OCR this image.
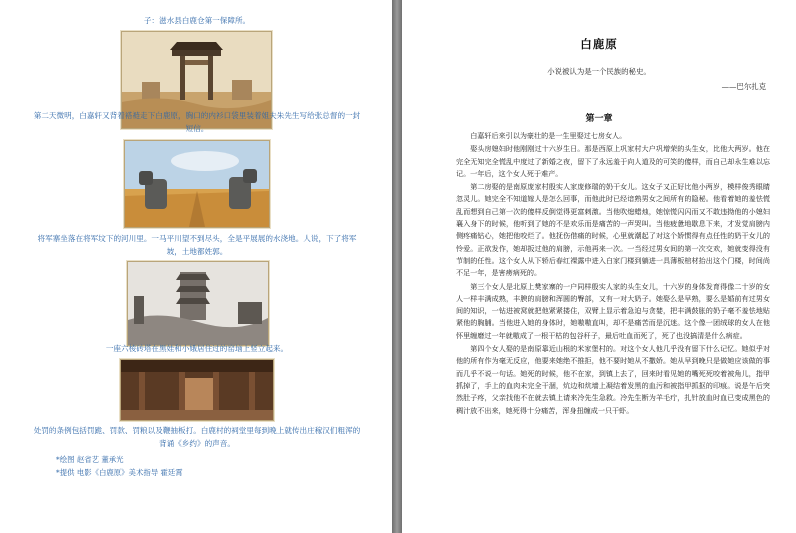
子：滋水县白鹿仓第一保障所。

第二天微明，白嘉轩又背着褡裢走下白鹿原，胸口的内衫口袋里装着姐夫朱先生写给张总督的一封短信。

将军寨坐落在将军坟下的河川里。一马平川望不到尽头，全是平展展的水浇地。人说，下了将军坡，土地都姓郭。

一座六棱砖塔在黑娃和小娥居住过的窑垴上竖立起来。

处罚的条例包括罚跪、罚款、罚粮以及鞭抽板打。白鹿村的祠堂里每到晚上就传出庄稼汉们粗浑的背诵《乡约》的声音。

*绘图 赵省艺 董承光

*提供 电影《白鹿原》美术指导 霍廷霄

白鹿原

小说被认为是一个民族的秘史。

——巴尔扎克

第一章

白嘉轩后来引以为豪壮的是一生里娶过七房女人。

娶头房媳妇时他刚刚过十六岁生日。那是西原上巩家村大户巩增荣的头生女，比他大两岁。他在完全无知完全慌乱中度过了新婚之夜，留下了永远羞于向人道及的可笑的傻样，而自己却永生难以忘记。一年后，这个女人死于难产。

第二房娶的是南原庞家村殷实人家庞修瑞的奶干女儿。这女子又正好比他小两岁，模样俊秀眼睛忽灵儿。她完全不知道嫁人是怎么回事，而他此时已经谙熟男女之间所有的隐秘。他看着她的羞怯慌乱而想到自己第一次的傻样反倒觉得更富刺激。当他吹熄蜡烛，她惊慌闪闪而又不敢违拗他的小媳妇襄入身下的时候，他听到了她的不是欢乐而是痛苦的一声哭叫。当他疲惫地歇息下来，才发觉肩膀内侧疼痛钻心，她把他咬烂了。他抚伤借痛的时候，心里就潮起了对这个娇惯得有点任性的奶干女儿的怜爱。正欲发作，她却扳过他的肩膀，示他再来一次。一当经过男女间的第一次交欢，她就变得没有节制的任性。这个女人从下轿后春红裸露中进入白家门楼到躺进一具薄板棺材抬出这个门楼，时间尚不足一年，是害痨病死的。

第三个女人是北原上樊家寨的一户同样殷实人家的头生女儿，十六岁的身体发育得像二十岁的女人一样丰满成熟，丰腴的肩膀和浑圆的臀部，又有一对大奶子。她娶么是早熟，要么是婚前有过男女间的知识，一钻进被窝就把他紧紧搂住，双臂上显示着急迫与贪婪，把丰满鼓胀的奶子毫不羞怯地贴紧他的胸脯。当他进入她的身体时，她嗷嗷直叫，却不是痛苦而是沉迷。这个像一团绒球的女人在他怀里缠磨过一年就嗷成了一根干枯的包谷秆子，最后吐血而死了，死了也没搞清是什么病症。

第四个女人娶的是南原靠近山根的米家堡村的。对这个女人他几乎没有留下什么记忆。她似乎对他的所有作为毫无反应，他要来她绝不推拒，他不要时她从不撒娇。她从早到晚只是做她应该做的事而几乎不说一句话。她死的时候，他不在家，到镇上去了，回来时看见她的嘴死死咬着被角儿，指甲抓掉了，手上的血肉未完全干涸，炕边和炕墙上凝结着发黑的血污和被指甲抓抠的印痕。说是午后突然肚子疼，父亲找他不在就去镇上请来冷先生急救。冷先生断为羊毛疔，扎针放血时血已变成黑色的稠汁放不出来，她死得十分痛苦，浑身扭缠成一只干虾。
